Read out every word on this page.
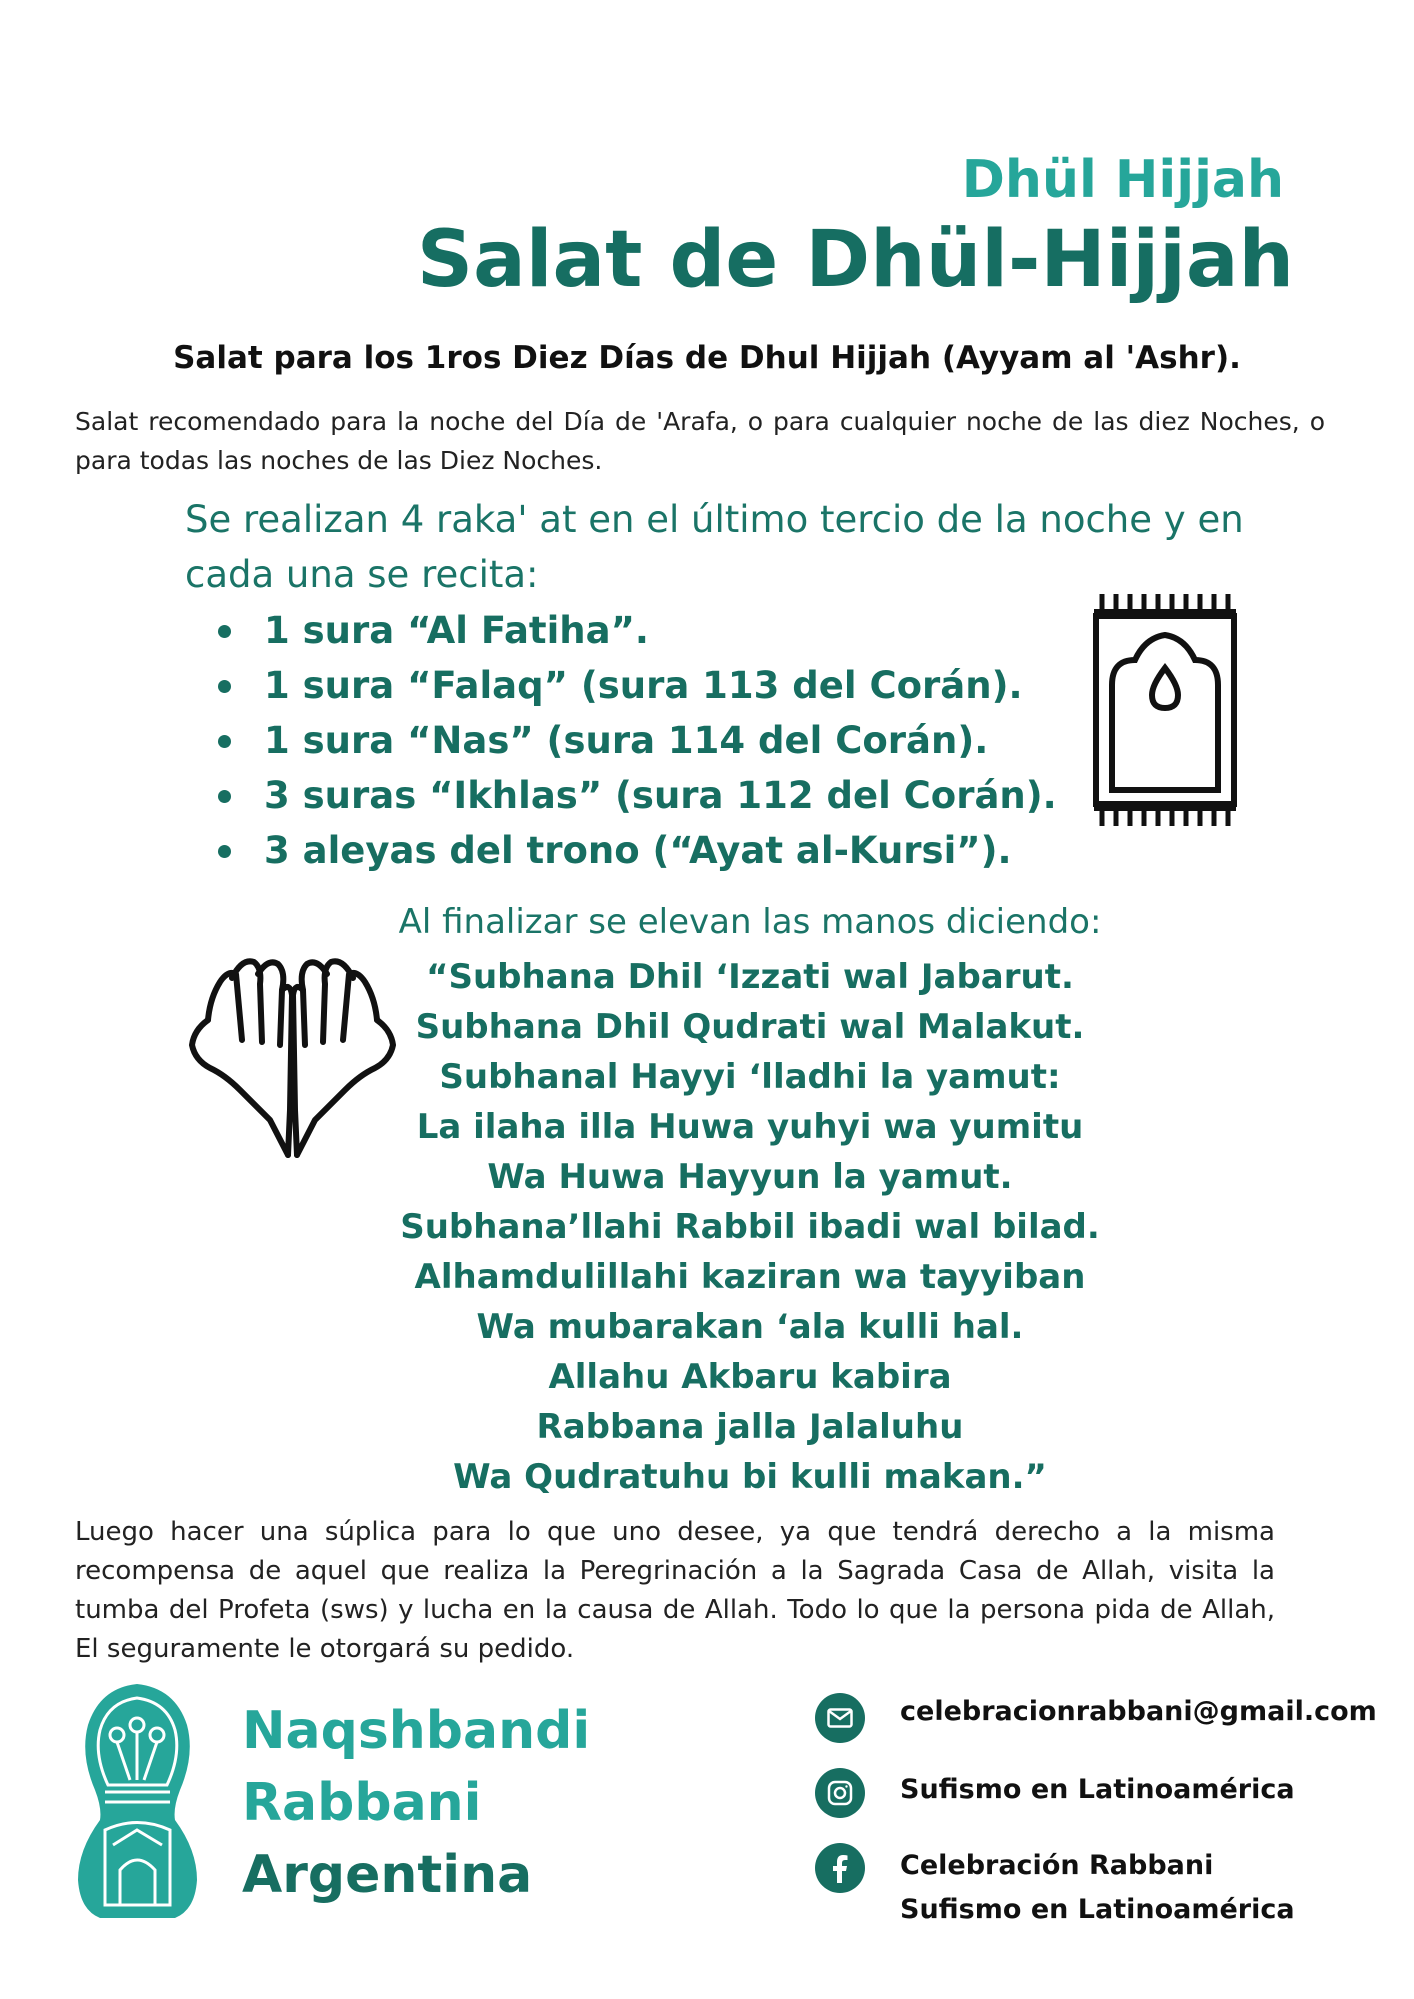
Dhül Hijjah
Salat de Dhül-Hijjah
Salat para los 1ros Diez Días de Dhul Hijjah (Ayyam al 'Ashr).
Salat recomendado para la noche del Día de 'Arafa, o para cualquier noche de las diez Noches, o para todas las noches de las Diez Noches.
Se realizan 4 raka' at en el último tercio de la noche y en cada una se recita:
1 sura “Al Fatiha”.
1 sura “Falaq” (sura 113 del Corán).
1 sura “Nas” (sura 114 del Corán).
3 suras “Ikhlas” (sura 112 del Corán).
3 aleyas del trono (“Ayat al-Kursi”).
Al finalizar se elevan las manos diciendo:
“Subhana Dhil ‘Izzati wal Jabarut.
Subhana Dhil Qudrati wal Malakut.
Subhanal Hayyi ‘lladhi la yamut:
La ilaha illa Huwa yuhyi wa yumitu
Wa Huwa Hayyun la yamut.
Subhana’llahi Rabbil ibadi wal bilad.
Alhamdulillahi kaziran wa tayyiban
Wa mubarakan ‘ala kulli hal.
Allahu Akbaru kabira
Rabbana jalla Jalaluhu
Wa Qudratuhu bi kulli makan.”
Luego hacer una súplica para lo que uno desee, ya que tendrá derecho a la misma recompensa de aquel que realiza la Peregrinación a la Sagrada Casa de Allah, visita la tumba del Profeta (sws) y lucha en la causa de Allah. Todo lo que la persona pida de Allah, El seguramente le otorgará su pedido.
Naqshbandi
Rabbani
Argentina
celebracionrabbani@gmail.com
Sufismo en Latinoamérica
Celebración Rabbani
Sufismo en Latinoamérica
